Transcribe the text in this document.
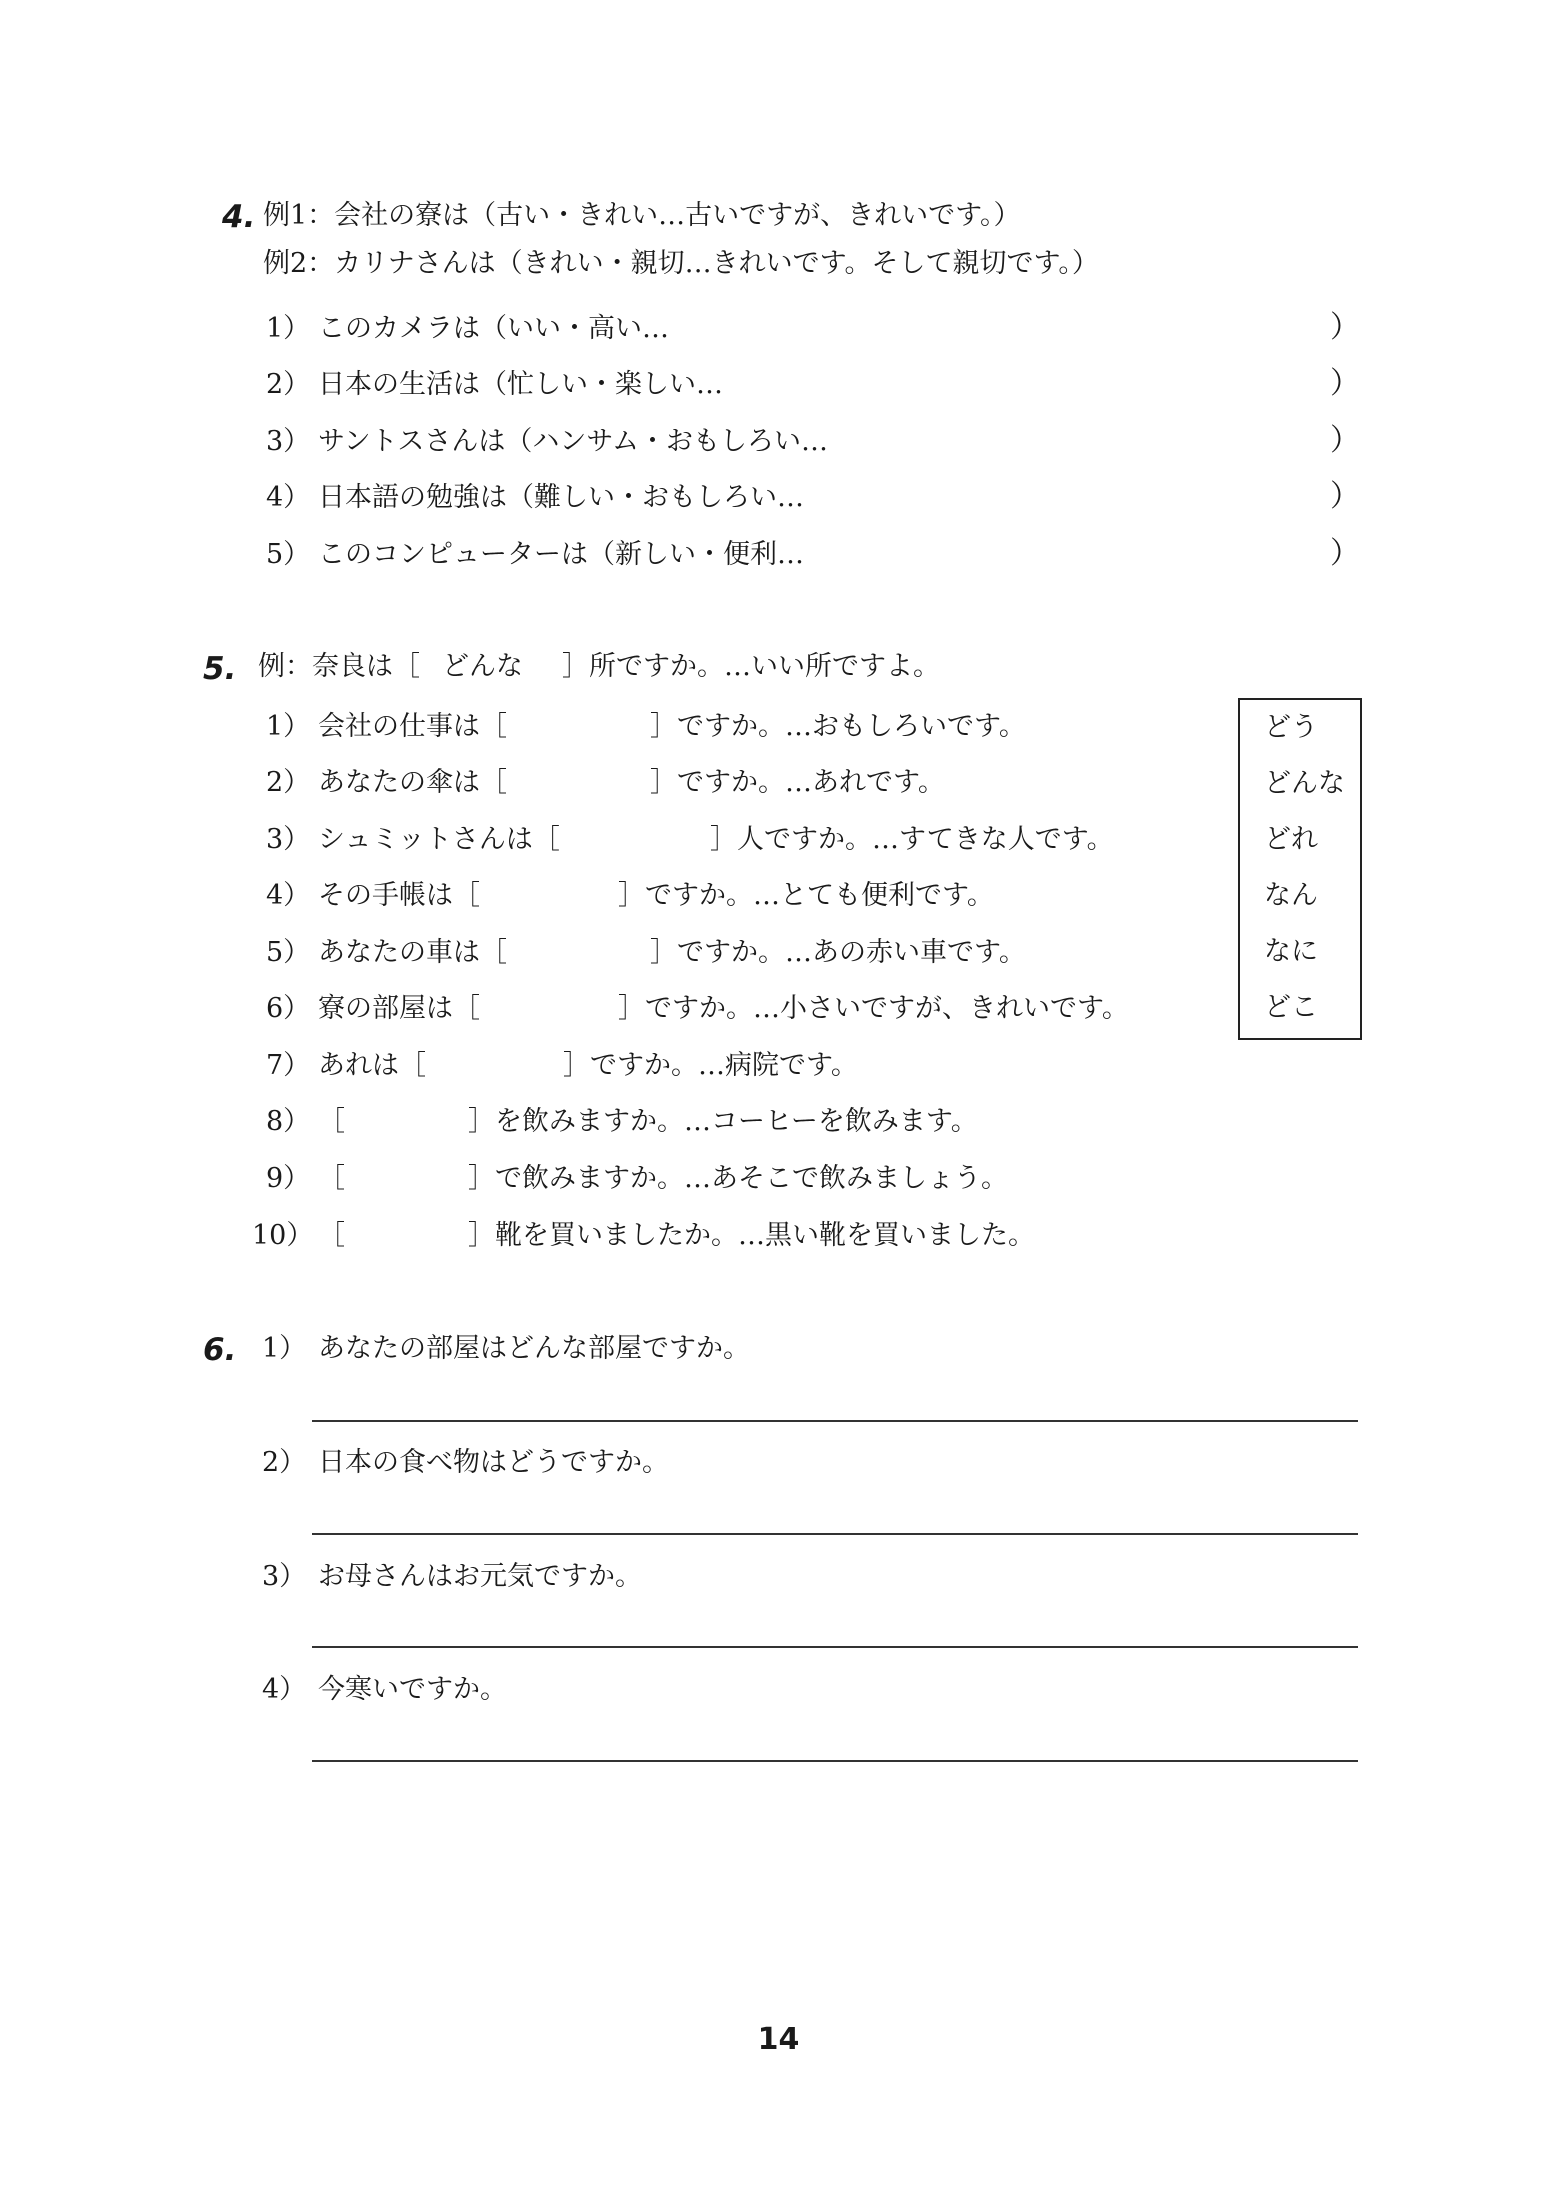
4. 例1：会社の寮は（古い・きれい…古いですが、きれいです。）
例2：カリナさんは（きれい・親切…きれいです。そして親切です。）
1） このカメラは（いい・高い…	）
2） 日本の生活は（忙しい・楽しい…	）
3） サントスさんは（ハンサム・おもしろい…	）
4） 日本語の勉強は（難しい・おもしろい…	）
5） このコンピューターは（新しい・便利…	）
5. 例：奈良は［ どんな ］所ですか。…いい所ですよ。
1） 会社の仕事は［	］ですか。…おもしろいです。
2） あなたの傘は［	］ですか。…あれです。
3） シュミットさんは［	］人ですか。…すてきな人です。
4） その手帳は［	］ですか。…とても便利です。
5） あなたの車は［	］ですか。…あの赤い車です。
6） 寮の部屋は［	］ですか。…小さいですが、きれいです。
7） あれは［	］ですか。…病院です。
8） ［	］を飲みますか。…コーヒーを飲みます。
9） ［	］で飲みますか。…あそこで飲みましょう。
10） ［	］靴を買いましたか。…黒い靴を買いました。
どう
どんな
どれ
なん
なに
どこ
6. 1） あなたの部屋はどんな部屋ですか。
2） 日本の食べ物はどうですか。
3） お母さんはお元気ですか。
4） 今寒いですか。
14
